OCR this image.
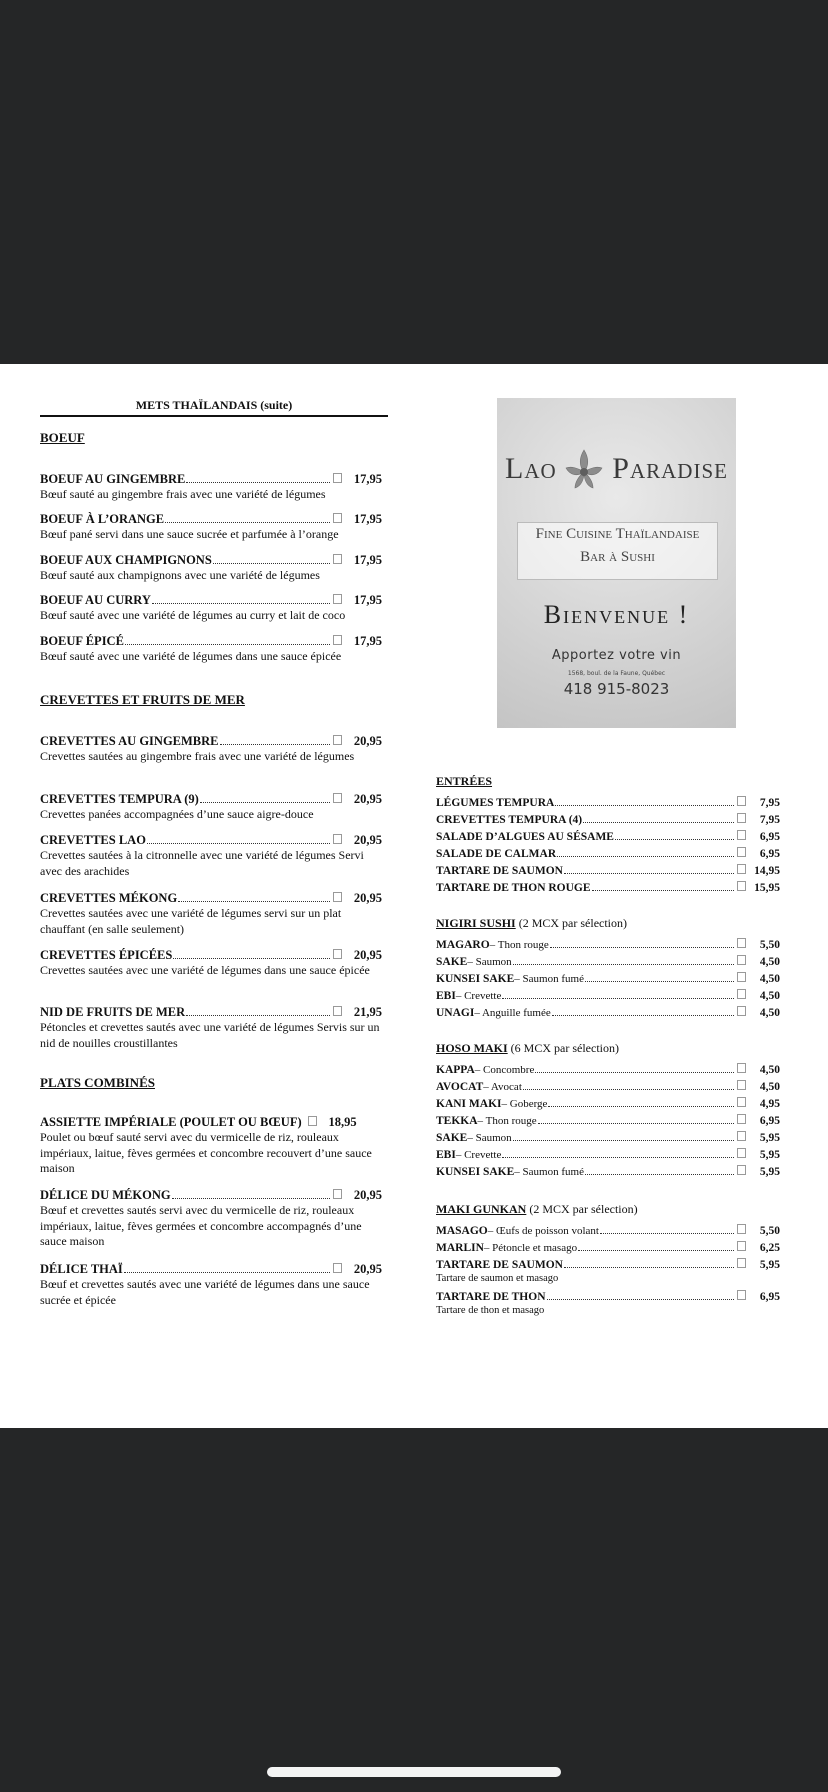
METS THAÏLANDAIS (suite)
BOEUF
BOEUF AU GINGEMBRE	17,95
Bœuf sauté au gingembre frais avec une variété de légumes
BOEUF À L’ORANGE	17,95
Bœuf pané servi dans une sauce sucrée et parfumée à l’orange
BOEUF AUX CHAMPIGNONS	17,95
Bœuf sauté aux champignons avec une variété de légumes
BOEUF AU CURRY	17,95
Bœuf sauté avec une variété de légumes au curry et lait de coco
BOEUF ÉPICÉ	17,95
Bœuf sauté avec une variété de légumes dans une sauce épicée
CREVETTES ET FRUITS DE MER
CREVETTES AU GINGEMBRE	20,95
Crevettes sautées au gingembre frais avec une variété de légumes
CREVETTES TEMPURA (9)	20,95
Crevettes panées accompagnées d’une sauce aigre-douce
CREVETTES LAO	20,95
Crevettes sautées à la citronnelle avec une variété de légumes Servi avec des arachides
CREVETTES MÉKONG	20,95
Crevettes sautées avec une variété de légumes servi sur un plat chauffant (en salle seulement)
CREVETTES ÉPICÉES	20,95
Crevettes sautées avec une variété de légumes dans une sauce épicée
NID DE FRUITS DE MER	21,95
Pétoncles et crevettes sautés avec une variété de légumes Servis sur un nid de nouilles croustillantes
PLATS COMBINÉS
ASSIETTE IMPÉRIALE (POULET OU BŒUF)	18,95
Poulet ou bœuf sauté servi avec du vermicelle de riz, rouleaux impériaux, laitue, fèves germées et concombre recouvert d’une sauce maison
DÉLICE DU MÉKONG	20,95
Bœuf et crevettes sautés servi avec du vermicelle de riz, rouleaux impériaux, laitue, fèves germées et concombre accompagnés d’une sauce maison
DÉLICE THAÏ	20,95
Bœuf et crevettes sautés avec une variété de légumes dans une sauce sucrée et épicée
Lao Paradise
Fine Cuisine Thaïlandaise
Bar à Sushi
Bienvenue !
Apportez votre vin
1568, boul. de la Faune, Québec
418 915-8023
ENTRÉES
LÉGUMES TEMPURA	7,95
CREVETTES TEMPURA (4)	7,95
SALADE D’ALGUES AU SÉSAME	6,95
SALADE DE CALMAR	6,95
TARTARE DE SAUMON	14,95
TARTARE DE THON ROUGE	15,95
NIGIRI SUSHI (2 MCX par sélection)
MAGARO – Thon rouge	5,50
SAKE – Saumon	4,50
KUNSEI SAKE – Saumon fumé	4,50
EBI – Crevette	4,50
UNAGI – Anguille fumée	4,50
HOSO MAKI (6 MCX par sélection)
KAPPA – Concombre	4,50
AVOCAT – Avocat	4,50
KANI MAKI – Goberge	4,95
TEKKA – Thon rouge	6,95
SAKE – Saumon	5,95
EBI – Crevette	5,95
KUNSEI SAKE – Saumon fumé	5,95
MAKI GUNKAN (2 MCX par sélection)
MASAGO – Œufs de poisson volant	5,50
MARLIN – Pétoncle et masago	6,25
TARTARE DE SAUMON	5,95
Tartare de saumon et masago
TARTARE DE THON	6,95
Tartare de thon et masago
